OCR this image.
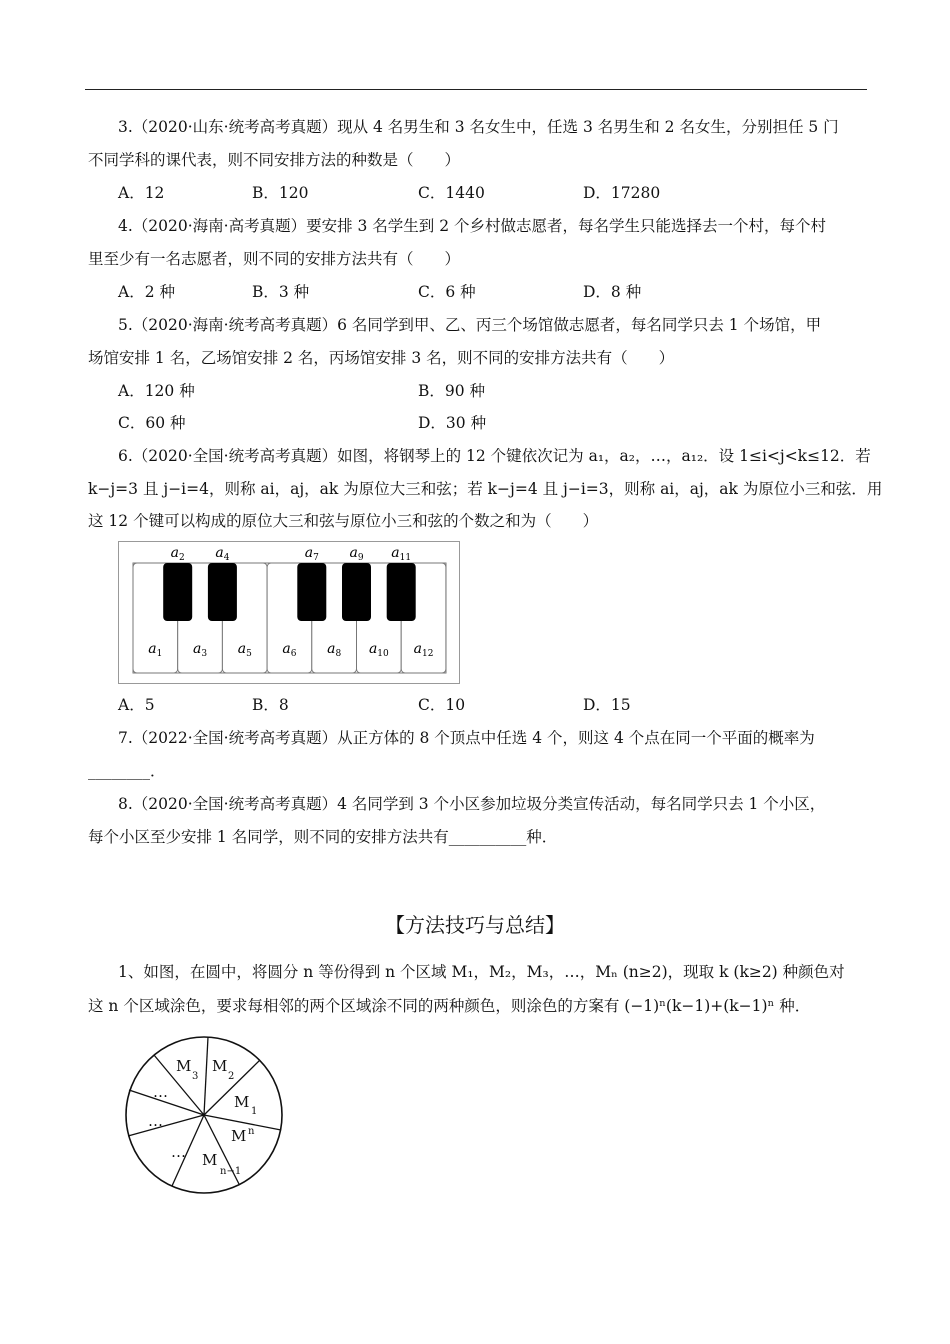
3.（2020·山东·统考高考真题）现从 4 名男生和 3 名女生中，任选 3 名男生和 2 名女生，分别担任 5 门
不同学科的课代表，则不同安排方法的种数是（　　）
A．12	B．120	C．1440	D．17280
4.（2020·海南·高考真题）要安排 3 名学生到 2 个乡村做志愿者，每名学生只能选择去一个村，每个村
里至少有一名志愿者，则不同的安排方法共有（　　）
A．2 种	B．3 种	C．6 种	D．8 种
5.（2020·海南·统考高考真题）6 名同学到甲、乙、丙三个场馆做志愿者，每名同学只去 1 个场馆，甲
场馆安排 1 名，乙场馆安排 2 名，丙场馆安排 3 名，则不同的安排方法共有（　　）
A．120 种	B．90 种
C．60 种	D．30 种
6.（2020·全国·统考高考真题）如图，将钢琴上的 12 个键依次记为 a₁，a₂，…，a₁₂．设 1≤i<j<k≤12．若
k−j=3 且 j−i=4，则称 ai，aj，ak 为原位大三和弦；若 k−j=4 且 j−i=3，则称 ai，aj，ak 为原位小三和弦．用
这 12 个键可以构成的原位大三和弦与原位小三和弦的个数之和为（　　）
$a_1$ $a_3$ $a_5$ $a_6$ $a_8$ $a_{10}$ $a_{12}$
$a_2$ $a_4$	$a_7$ $a_9$ $a_{11}$
A．5	B．8	C．10	D．15
7.（2022·全国·统考高考真题）从正方体的 8 个顶点中任选 4 个，则这 4 个点在同一个平面的概率为
________．
8.（2020·全国·统考高考真题）4 名同学到 3 个小区参加垃圾分类宣传活动，每名同学只去 1 个小区，
每个小区至少安排 1 名同学，则不同的安排方法共有__________种．
【方法技巧与总结】
1、如图，在圆中，将圆分 n 等份得到 n 个区域 M₁，M₂，M₃，…，Mₙ (n≥2)，现取 k (k≥2) 种颜色对
这 n 个区域涂色，要求每相邻的两个区域涂不同的两种颜色，则涂色的方案有 (−1)ⁿ(k−1)+(k−1)ⁿ 种．
M
3
M
2
M
1
M n
M
n−1
…
…
…
